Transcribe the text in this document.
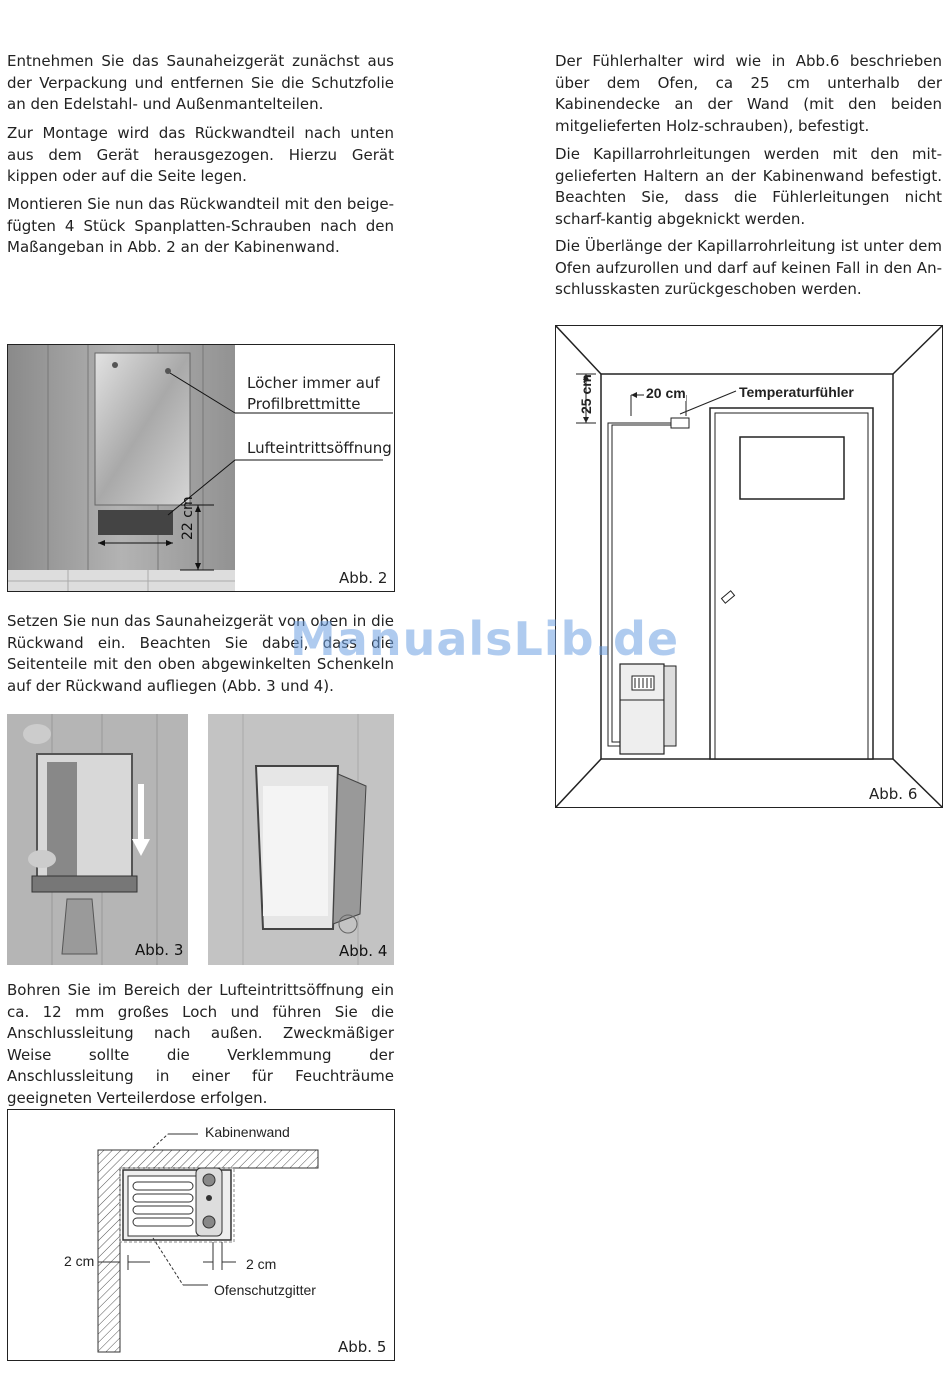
Entnehmen Sie das Saunaheizgerät zunächst aus der Verpackung und entfernen Sie die Schutzfolie an den Edelstahl- und Außenmantelteilen.

Zur Montage wird das Rückwandteil nach unten aus dem Gerät herausgezogen. Hierzu Gerät kippen oder auf die Seite legen.

Montieren Sie nun das Rückwandteil mit den beige-fügten 4 Stück Spanplatten-Schrauben nach den Maßangeban in Abb. 2 an der Kabinenwand.

Löcher immer auf
Profilbrettmitte
Lufteintrittsöffnung
22 cm
Abb. 2

Setzen Sie nun das Saunaheizgerät von oben in die Rückwand ein. Beachten Sie dabei, dass die Seitenteile mit den oben abgewinkelten Schenkeln auf der Rückwand aufliegen (Abb. 3 und 4).

Abb. 3	Abb. 4

Bohren Sie im Bereich der Lufteintrittsöffnung ein ca. 12 mm großes Loch und führen Sie die Anschlussleitung nach außen. Zweckmäßiger Weise sollte die Verklemmung der Anschlussleitung in einer für Feuchträume geeigneten Verteilerdose erfolgen.

Kabinenwand
2 cm	2 cm
Ofenschutzgitter
Abb. 5

Der Fühlerhalter wird wie in Abb.6 beschrieben über dem Ofen, ca 25 cm unterhalb der Kabinendecke an der Wand (mit den beiden mitgelieferten Holz-schrauben), befestigt.

Die Kapillarrohrleitungen werden mit den mit-gelieferten Haltern an der Kabinenwand befestigt. Beachten Sie, dass die Fühlerleitungen nicht scharf-kantig abgeknickt werden.

Die Überlänge der Kapillarrohrleitung ist unter dem Ofen aufzurollen und darf auf keinen Fall in den An-schlusskasten zurückgeschoben werden.

Temperaturfühler
20 cm
25 cm
Abb. 6
ManualsLib.de
